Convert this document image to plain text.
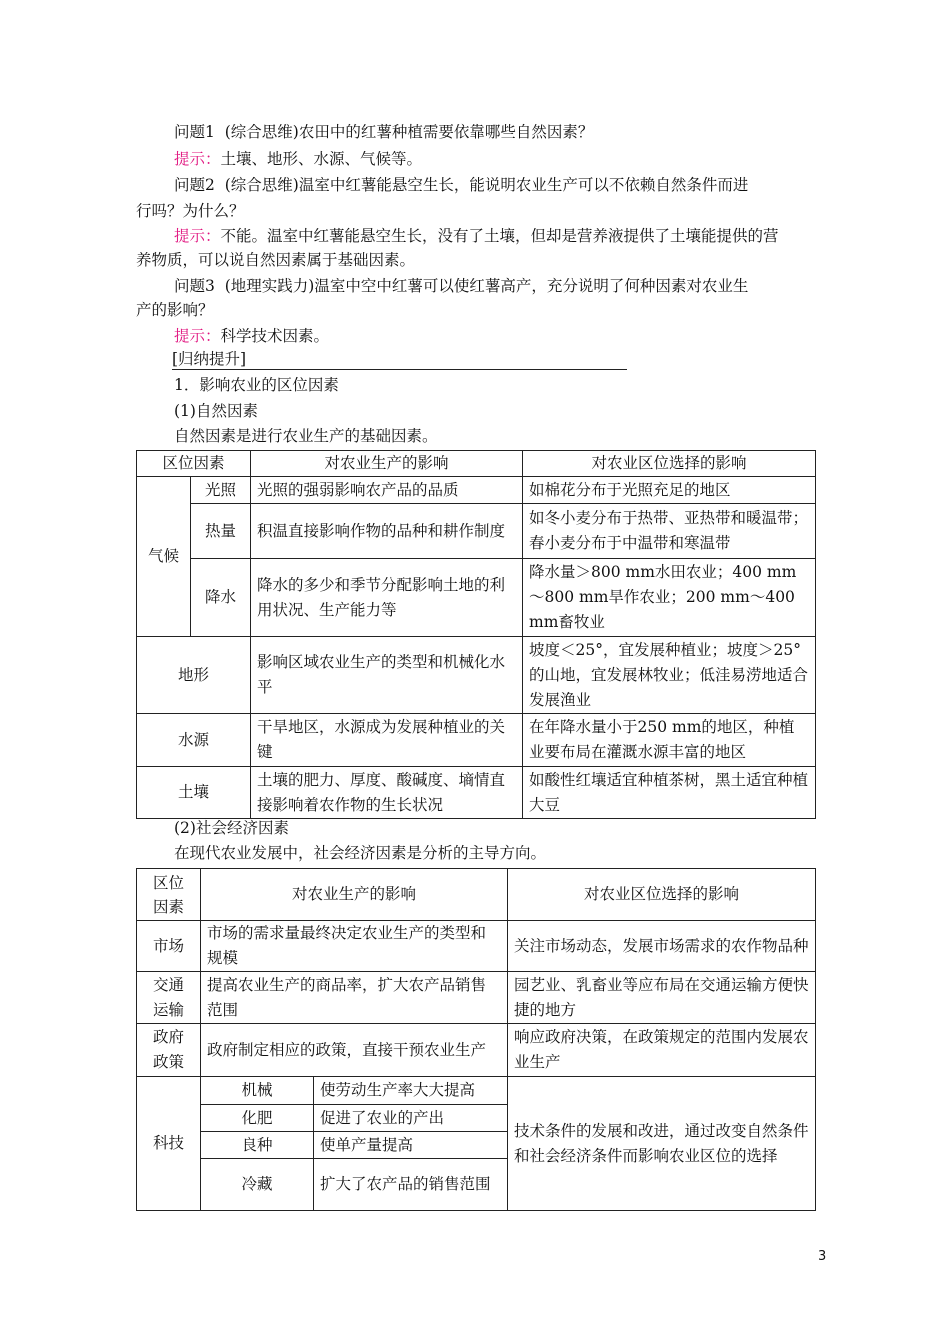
问题1 (综合思维)农田中的红薯种植需要依靠哪些自然因素？
提示：土壤、地形、水源、气候等。
问题2 (综合思维)温室中红薯能悬空生长，能说明农业生产可以不依赖自然条件而进
行吗？为什么？
提示：不能。温室中红薯能悬空生长，没有了土壤，但却是营养液提供了土壤能提供的营
养物质，可以说自然因素属于基础因素。
问题3 (地理实践力)温室中空中红薯可以使红薯高产，充分说明了何种因素对农业生
产的影响？
提示：科学技术因素。
[归纳提升]
1．影响农业的区位因素
(1)自然因素
自然因素是进行农业生产的基础因素。
区位因素		对农业生产的影响	对农业区位选择的影响
气候	光照	光照的强弱影响农产品的品质	如棉花分布于光照充足的地区
	热量	积温直接影响作物的品种和耕作制度	如冬小麦分布于热带、亚热带和暖温带；春小麦分布于中温带和寒温带
	降水	降水的多少和季节分配影响土地的利用状况、生产能力等	降水量＞800 mm水田农业；400 mm～800 mm旱作农业；200 mm～400 mm畜牧业
地形		影响区域农业生产的类型和机械化水平	坡度＜25°，宜发展种植业；坡度＞25°的山地，宜发展林牧业；低洼易涝地适合发展渔业
水源		干旱地区，水源成为发展种植业的关键	在年降水量小于250 mm的地区，种植业要布局在灌溉水源丰富的地区
土壤		土壤的肥力、厚度、酸碱度、墒情直接影响着农作物的生长状况	如酸性红壤适宜种植茶树，黑土适宜种植大豆
(2)社会经济因素
在现代农业发展中，社会经济因素是分析的主导方向。
区位因素	对农业生产的影响		对农业区位选择的影响
市场	市场的需求量最终决定农业生产的类型和规模		关注市场动态，发展市场需求的农作物品种
交通运输	提高农业生产的商品率，扩大农产品销售范围		园艺业、乳畜业等应布局在交通运输方便快捷的地方
政府政策	政府制定相应的政策，直接干预农业生产		响应政府决策，在政策规定的范围内发展农业生产
科技	机械	使劳动生产率大大提高	技术条件的发展和改进，通过改变自然条件和社会经济条件而影响农业区位的选择
	化肥	促进了农业的产出	
	良种	使单产量提高	
	冷藏	扩大了农产品的销售范围	
3
